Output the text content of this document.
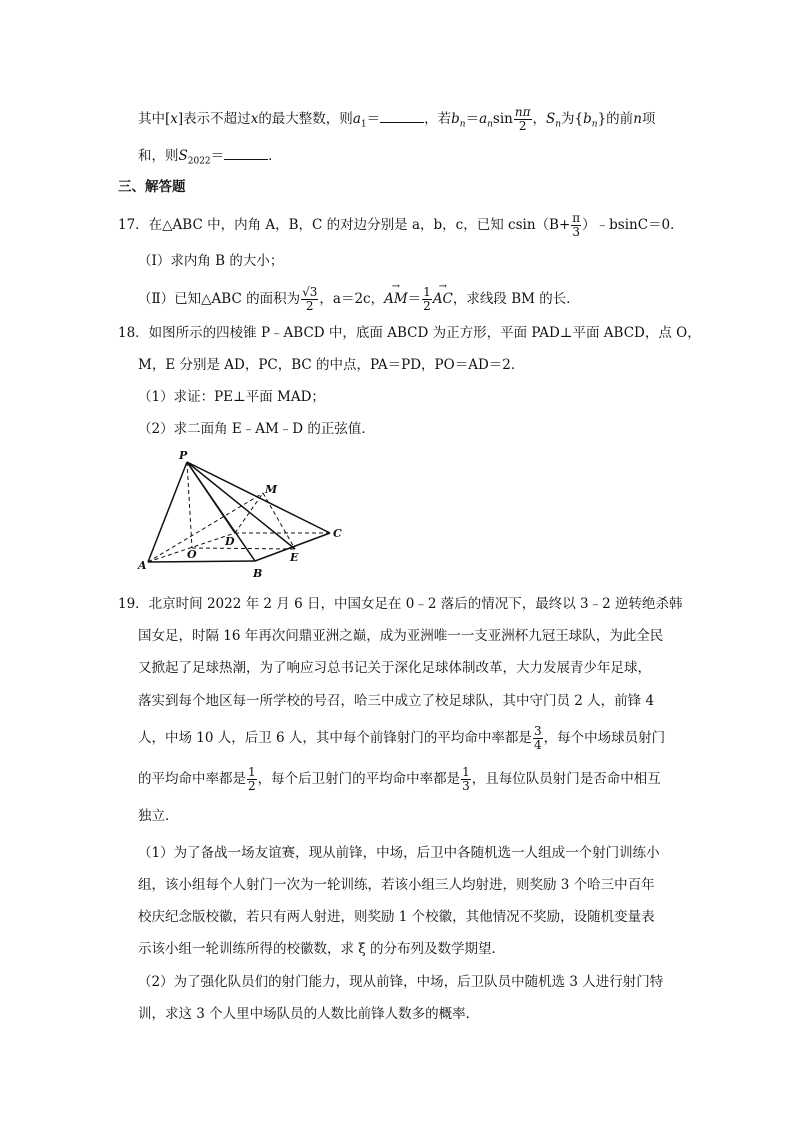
其中[x]表示不超过x的最大整数，则$a_1=$	，若$b_n=a_n\sin \frac{n\pi}{2}$ ，$S_n$为$\{b_n\}$的前n项
和，则$S_{2022}=$	．
三、解答题
17．在△ABC 中，内角 A，B，C 的对边分别是 a，b，c，已知 $csin(B+ \frac{\pi}{3}$ ）﹣bsinC＝0．
（Ⅰ）求内角 B 的大小；
（Ⅱ）已知△ABC 的面积为 $\frac{√3}{2}$ ，a＝2c，→ $AM= \frac{1}{2}$
→ AC，求线段 BM 的长．
18．如图所示的四棱锥 P﹣ABCD 中，底面 ABCD 为正方形，平面 PAD⊥平面 ABCD，点 O，
M，E 分别是 AD，PC，BC 的中点，PA＝PD，PO＝AD＝2．
（1）求证：PE⊥平面 MAD；
（2）求二面角 E﹣AM﹣D 的正弦值．
P
M
D
O
C
E
A
B
19．北京时间 2022 年 2 月 6 日，中国女足在 0﹣2 落后的情况下，最终以 3﹣2 逆转绝杀韩
国女足，时隔 16 年再次问鼎亚洲之巅，成为亚洲唯一一支亚洲杯九冠王球队，为此全民
又掀起了足球热潮，为了响应习总书记关于深化足球体制改革，大力发展青少年足球，
落实到每个地区每一所学校的号召，哈三中成立了校足球队，其中守门员 2 人，前锋 4
人，中场 10 人，后卫 6 人，其中每个前锋射门的平均命中率都是 $\frac{3}{4}$ ，每个中场球员射门
的平均命中率都是 $\frac{1}{2}$ ，每个后卫射门的平均命中率都是 $\frac{1}{3}$ ，且每位队员射门是否命中相互
独立．
（1）为了备战一场友谊赛，现从前锋，中场，后卫中各随机选一人组成一个射门训练小
组，该小组每个人射门一次为一轮训练，若该小组三人均射进，则奖励 3 个哈三中百年
校庆纪念版校徽，若只有两人射进，则奖励 1 个校徽，其他情况不奖励，设随机变量表
示该小组一轮训练所得的校徽数，求 ξ 的分布列及数学期望．
（2）为了强化队员们的射门能力，现从前锋，中场，后卫队员中随机选 3 人进行射门特
训，求这 3 个人里中场队员的人数比前锋人数多的概率．
